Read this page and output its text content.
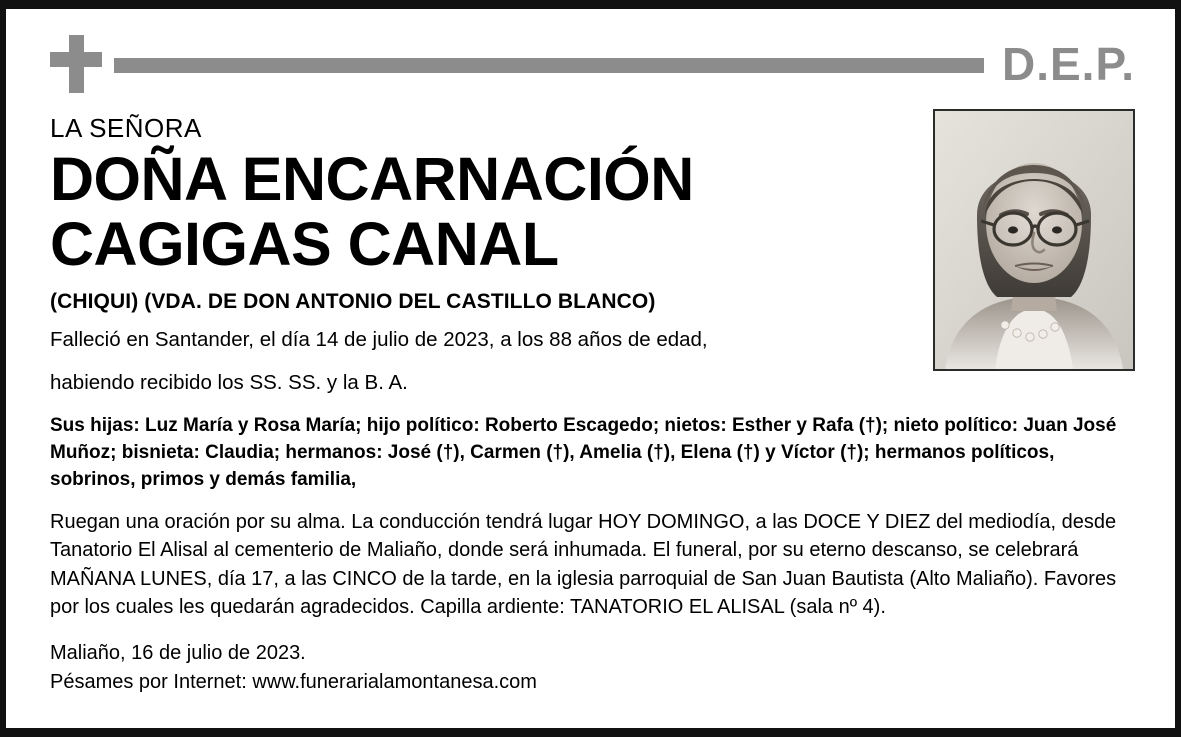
D.E.P.
LA SEÑORA
DOÑA ENCARNACIÓN
CAGIGAS CANAL
(CHIQUI) (VDA. DE DON ANTONIO DEL CASTILLO BLANCO)
Falleció en Santander, el día 14 de julio de 2023, a los 88 años de edad,
habiendo recibido los SS. SS. y la B. A.
Sus hijas: Luz María y Rosa María; hijo político: Roberto Escagedo; nietos: Esther y Rafa (†); nieto político: Juan José Muñoz; bisnieta: Claudia; hermanos: José (†), Carmen (†), Amelia (†), Elena (†) y Víctor (†); hermanos políticos, sobrinos, primos y demás familia,
Ruegan una oración por su alma. La conducción tendrá lugar HOY DOMINGO, a las DOCE Y DIEZ del mediodía, desde Tanatorio El Alisal al cementerio de Maliaño, donde será inhumada. El funeral, por su eterno descanso, se celebrará MAÑANA LUNES, día 17, a las CINCO de la tarde, en la iglesia parroquial de San Juan Bautista (Alto Maliaño). Favores por los cuales les quedarán agradecidos. Capilla ardiente: TANATORIO EL ALISAL (sala nº 4).
Maliaño, 16 de julio de 2023.
Pésames por Internet: www.funerarialamontanesa.com
